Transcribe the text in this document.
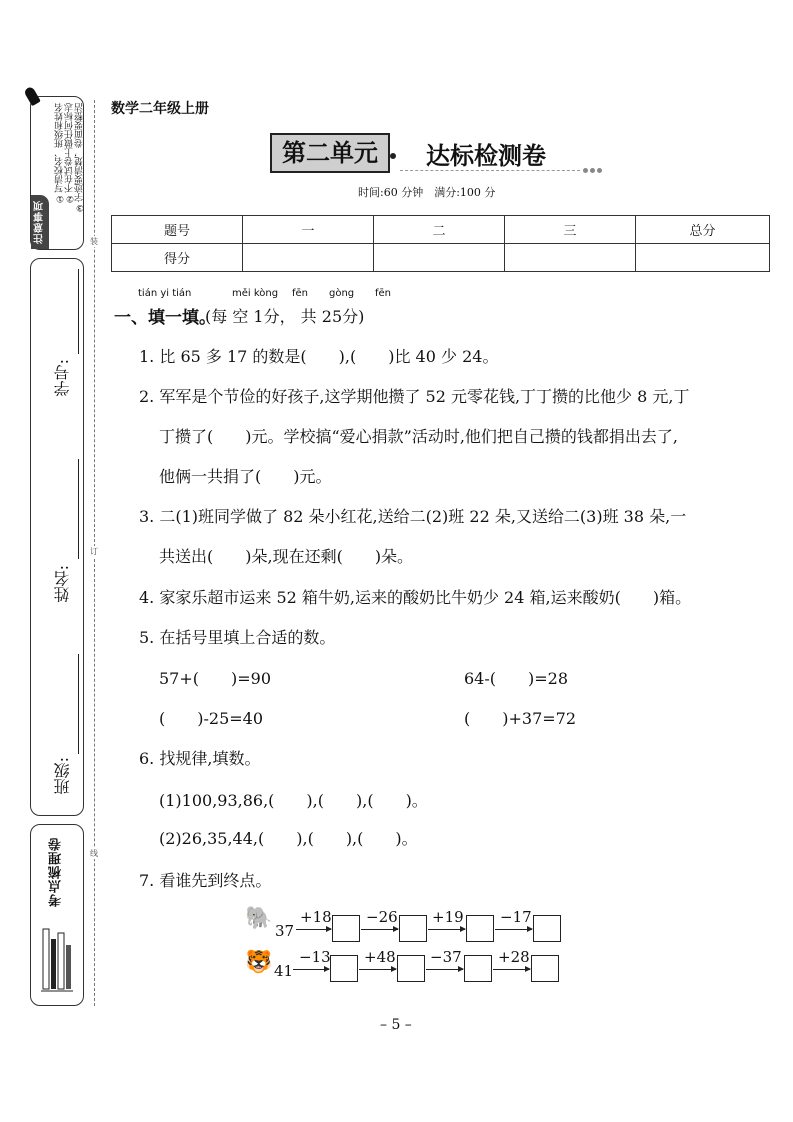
注意事项
①写清校名、班级和姓名 ②不在试卷上做任何标志 ③字迹要清楚，卷面要整洁
学号:
姓名:
班级:
考点梳理卷
装
订
线
数学二年级上册
第二单元	达标检测卷
时间:60 分钟　满分:100 分
题号	一	二	三	总分
得分				
tián yi tián	měi kòng fēn gòng fēn
一、填一填。
(每 空 1分， 共 25分)
1. 比 65 多 17 的数是(　　),(　　)比 40 少 24。
2. 军军是个节俭的好孩子,这学期他攒了 52 元零花钱,丁丁攒的比他少 8 元,丁
丁攒了(　　)元。学校搞“爱心捐款”活动时,他们把自己攒的钱都捐出去了,
他俩一共捐了(　　)元。
3. 二(1)班同学做了 82 朵小红花,送给二(2)班 22 朵,又送给二(3)班 38 朵,一
共送出(　　)朵,现在还剩(　　)朵。
4. 家家乐超市运来 52 箱牛奶,运来的酸奶比牛奶少 24 箱,运来酸奶(　　)箱。
5. 在括号里填上合适的数。
57+(　　)=90	64-(　　)=28
(　　)-25=40	(　　)+37=72
6. 找规律,填数。
(1)100,93,86,(　　),(　　),(　　)。
(2)26,35,44,(　　),(　　),(　　)。
7. 看谁先到终点。
🐘 37
+18 −26 +19 −17
🐯 41
−13 +48 −37 +28
– 5 –
